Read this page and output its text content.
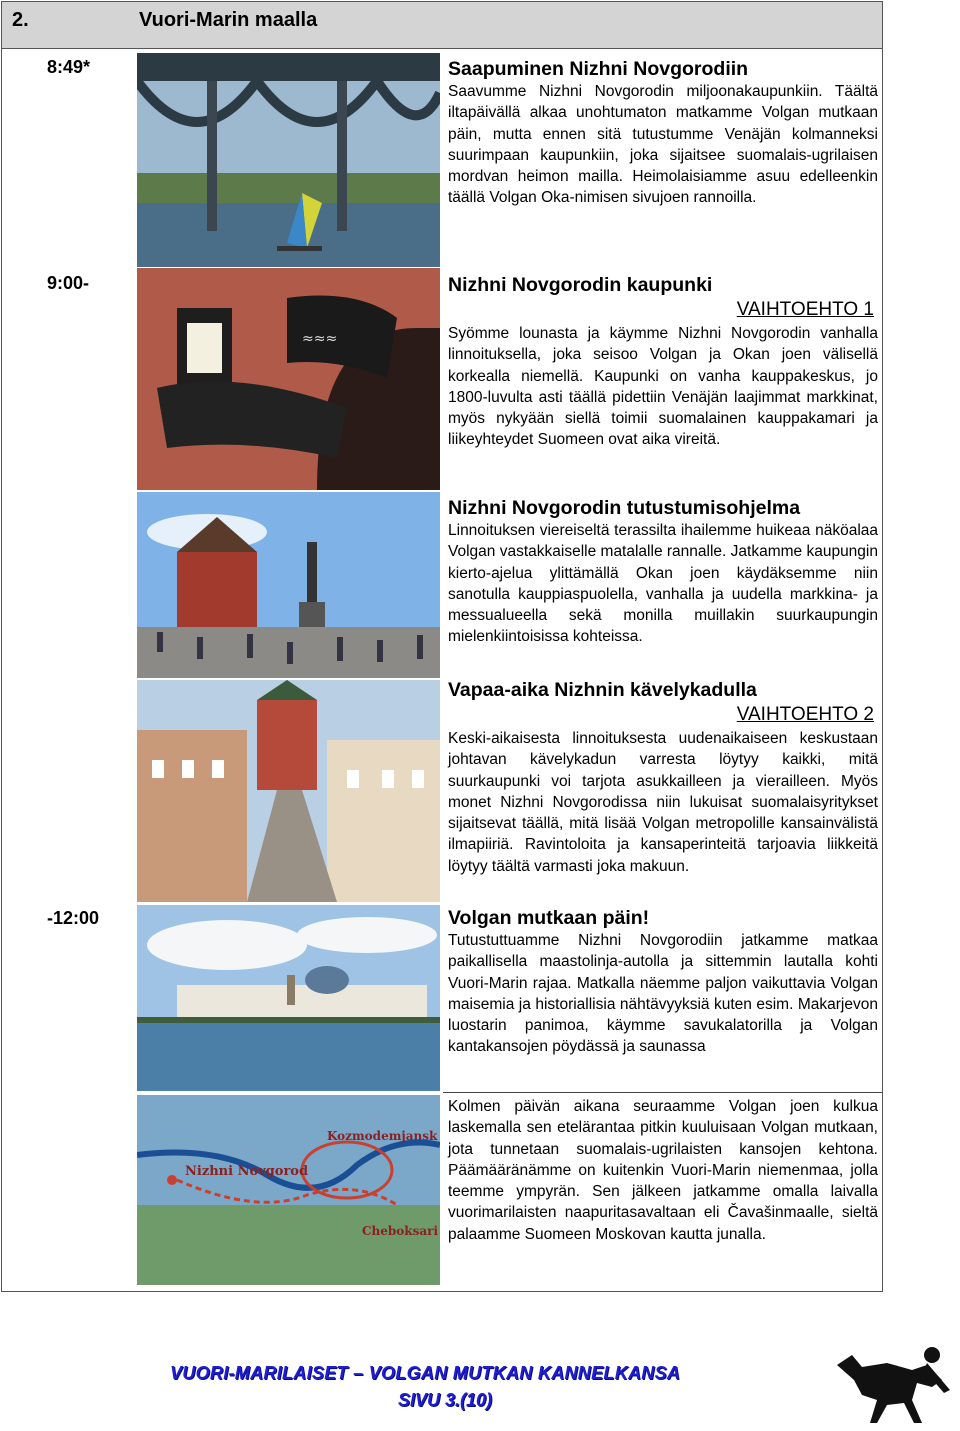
2.	Vuori-Marin maalla
8:49*
9:00-
-12:00
≈≈≈
Nizhni Novgorod
Kozmodemjansk
Cheboksari
Saapuminen Nizhni Novgorodiin
Saavumme Nizhni Novgorodin miljoonakaupunkiin. Täältä iltapäivällä alkaa unohtumaton matkamme Volgan mutkaan päin, mutta ennen sitä tutustumme Venäjän kolmanneksi suurimpaan kaupunkiin, joka sijaitsee suomalais-ugrilaisen mordvan heimon mailla. Heimolaisiamme asuu edelleenkin täällä Volgan Oka-nimisen sivujoen rannoilla.
Nizhni Novgorodin kaupunki
VAIHTOEHTO 1
Syömme lounasta ja käymme Nizhni Novgorodin vanhalla linnoituksella, joka seisoo Volgan ja Okan joen välisellä korkealla niemellä. Kaupunki on vanha kauppakeskus, jo 1800-luvulta asti täällä pidettiin Venäjän laajimmat markkinat, myös nykyään siellä toimii suomalainen kauppakamari ja liikeyhteydet Suomeen ovat aika vireitä.
Nizhni Novgorodin tutustumisohjelma
Linnoituksen viereiseltä terassilta ihailemme huikeaa näköalaa Volgan vastakkaiselle matalalle rannalle. Jatkamme kaupungin kierto-ajelua ylittämällä Okan joen käydäksemme niin sanotulla kauppiaspuolella, vanhalla ja uudella markkina- ja messualueella sekä monilla muillakin suurkaupungin mielenkiintoisissa kohteissa.
Vapaa-aika Nizhnin kävelykadulla
VAIHTOEHTO 2
Keski-aikaisesta linnoituksesta uudenaikaiseen keskustaan johtavan kävelykadun varresta löytyy kaikki, mitä suurkaupunki voi tarjota asukkailleen ja vierailleen. Myös monet Nizhni Novgorodissa niin lukuisat suomalaisyritykset sijaitsevat täällä, mitä lisää Volgan metropolille kansainvälistä ilmapiiriä. Ravintoloita ja kansaperinteitä tarjoavia liikkeitä löytyy täältä varmasti joka makuun.
Volgan mutkaan päin!
Tutustuttuamme Nizhni Novgorodiin jatkamme matkaa paikallisella maastolinja-autolla ja sittemmin lautalla kohti Vuori-Marin rajaa. Matkalla näemme paljon vaikuttavia Volgan maisemia ja historiallisia nähtävyyksiä kuten esim. Makarjevon luostarin panimoa, käymme savukalatorilla ja Volgan kantakansojen pöydässä ja saunassa
Kolmen päivän aikana seuraamme Volgan joen kulkua laskemalla sen etelärantaa pitkin kuuluisaan Volgan mutkaan, jota tunnetaan suomalais-ugrilaisten kansojen kehtona. Päämääränämme on kuitenkin Vuori-Marin niemenmaa, jolla teemme ympyrän. Sen jälkeen jatkamme omalla laivalla vuorimarilaisten naapuritasavaltaan eli Čavašinmaalle, sieltä palaamme Suomeen Moskovan kautta junalla.
VUORI-MARILAISET – VOLGAN MUTKAN KANNELKANSA
SIVU 3.(10)
